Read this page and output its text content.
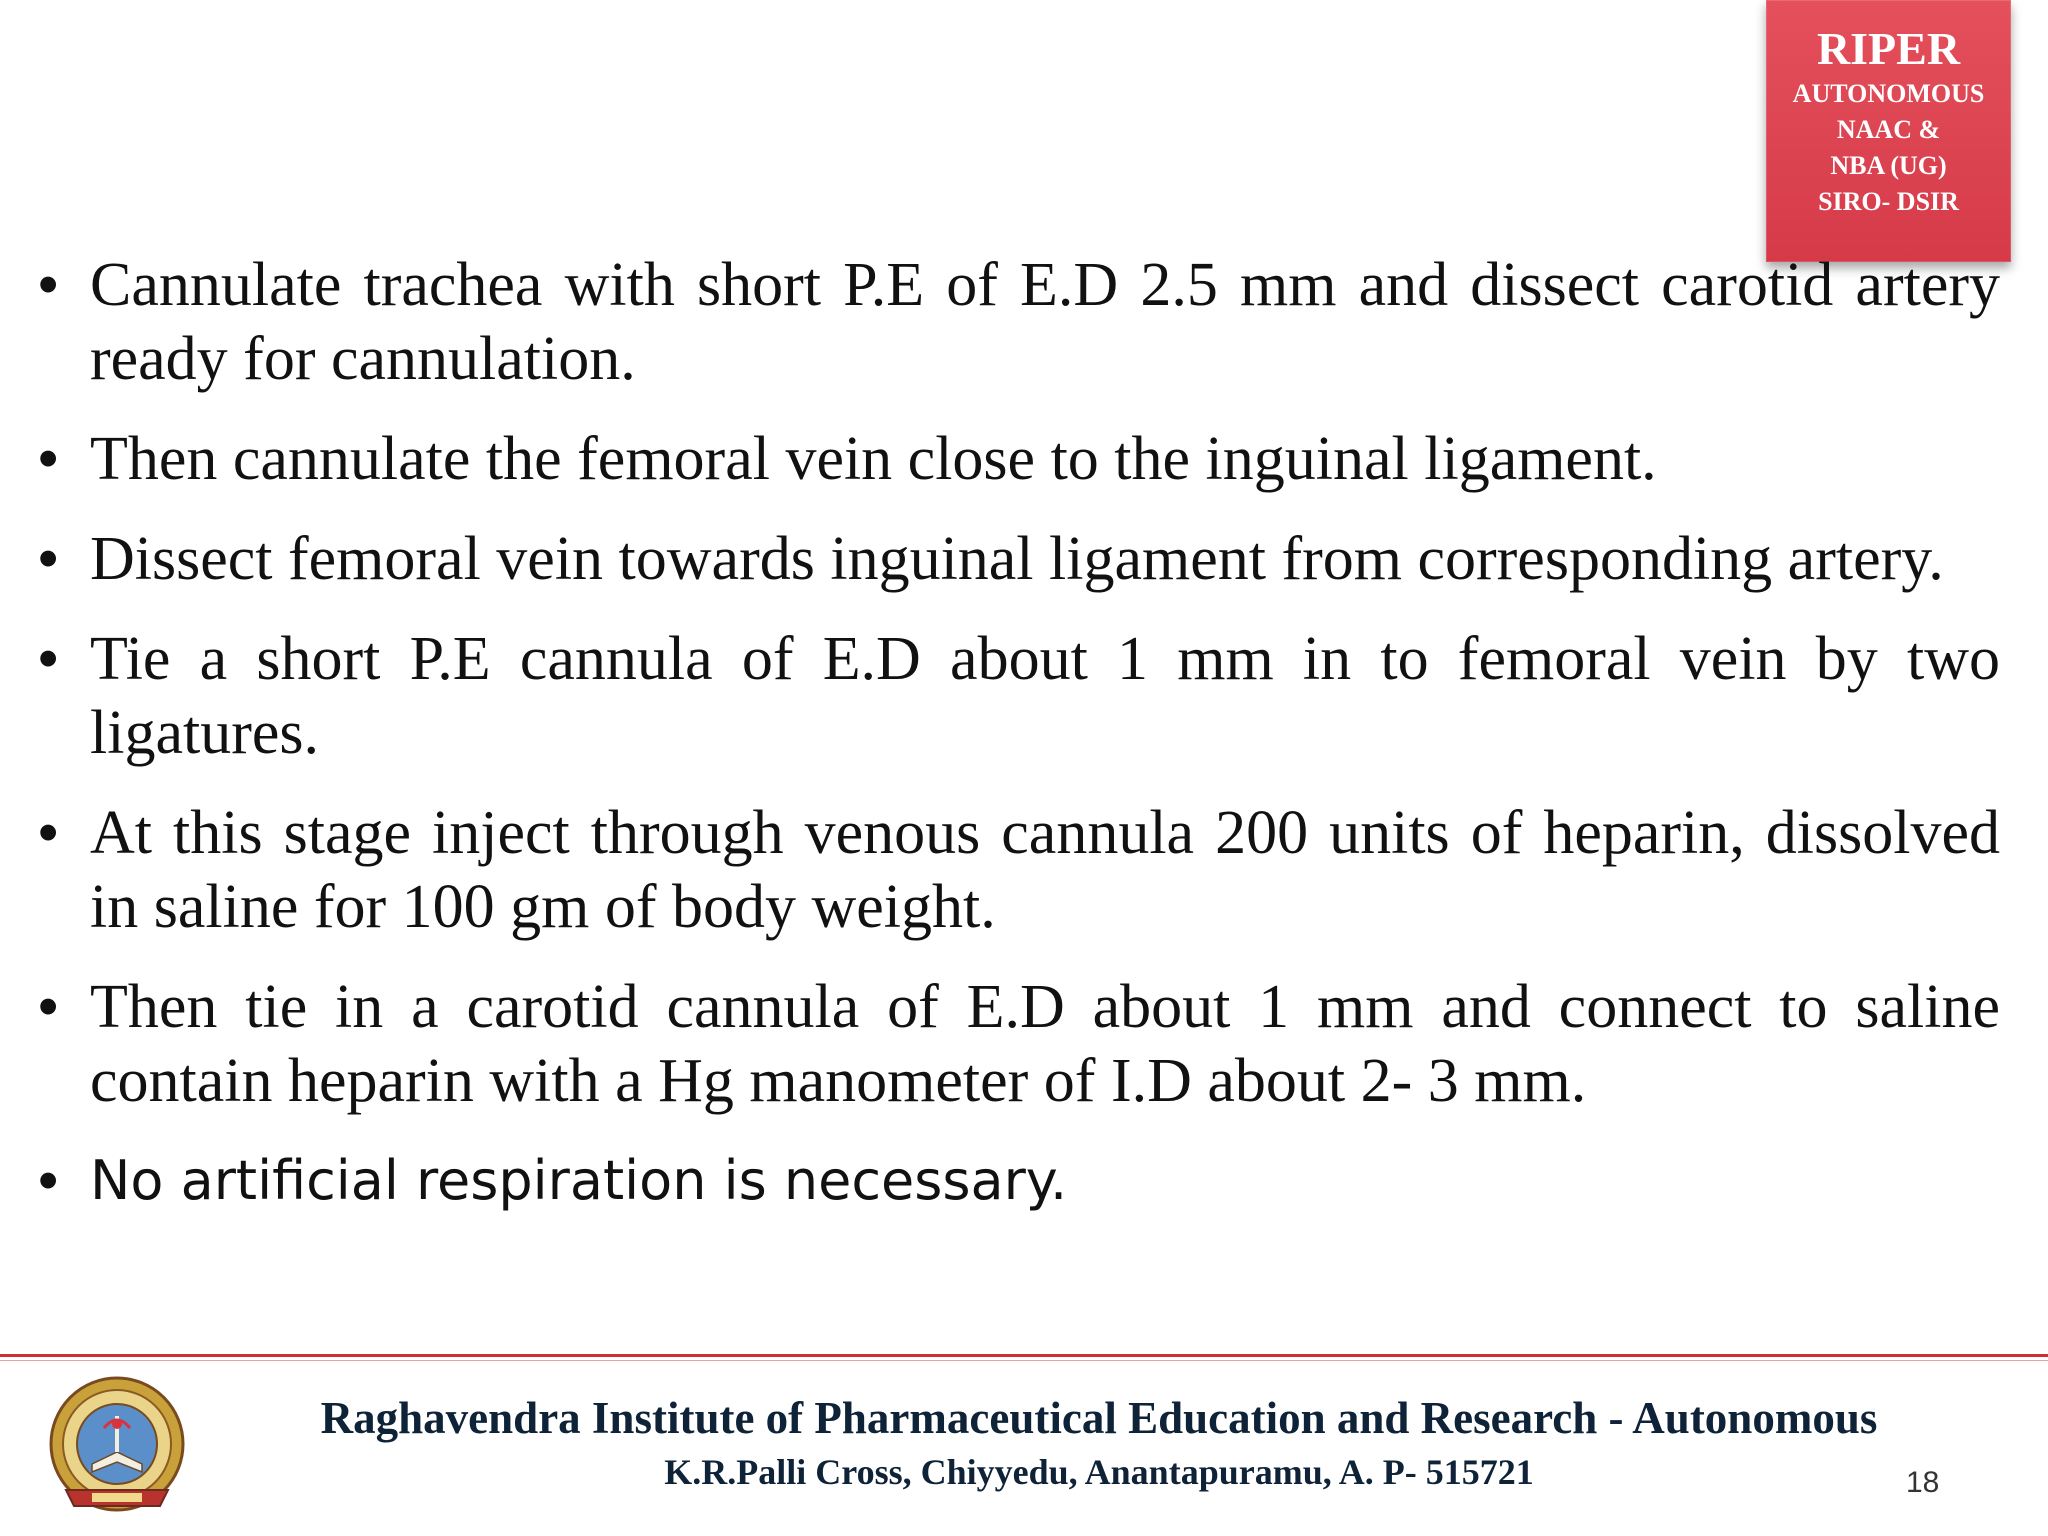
RIPER
AUTONOMOUS
NAAC &
NBA (UG)
SIRO- DSIR
• Cannulate trachea with short P.E of E.D 2.5 mm and dissect carotid artery ready for cannulation.
• Then cannulate the femoral vein close to the inguinal ligament.
• Dissect femoral vein towards inguinal ligament from corresponding artery.
• Tie a short P.E cannula of E.D about 1 mm in to femoral vein by two ligatures.
• At this stage inject through venous cannula 200 units of heparin, dissolved in saline for 100 gm of body weight.
• Then tie in a carotid cannula of E.D about 1 mm and connect to saline contain heparin with a Hg manometer of I.D about 2- 3 mm.
• No artificial respiration is necessary.
Raghavendra Institute of Pharmaceutical Education and Research - Autonomous
K.R.Palli Cross, Chiyyedu, Anantapuramu, A. P- 515721	18
